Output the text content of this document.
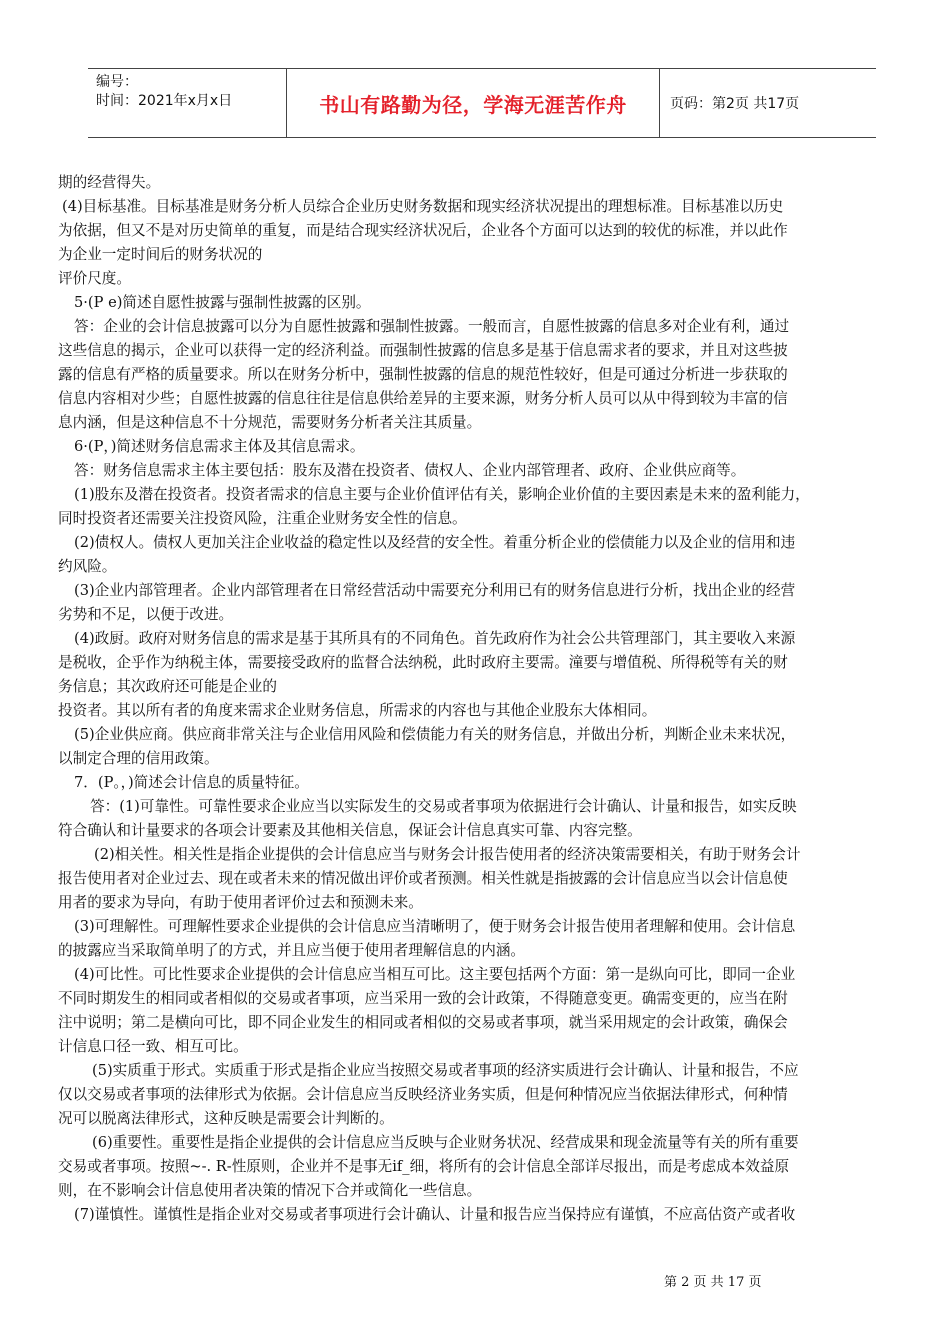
编号：
时间：2021年x月x日	书山有路勤为径，学海无涯苦作舟	页码：第2页 共17页
期的经营得失。
(4)目标基准。目标基准是财务分析人员综合企业历史财务数据和现实经济状况提出的理想标准。目标基准以历史
为依据，但又不是对历史简单的重复，而是结合现实经济状况后，企业各个方面可以达到的较优的标准，并以此作
为企业一定时间后的财务状况的
评价尺度。
5·(P e)简述自愿性披露与强制性披露的区别。
答：企业的会计信息披露可以分为自愿性披露和强制性披露。一般而言，自愿性披露的信息多对企业有利，通过
这些信息的揭示，企业可以获得一定的经济利益。而强制性披露的信息多是基于信息需求者的要求，并且对这些披
露的信息有严格的质量要求。所以在财务分析中，强制性披露的信息的规范性较好，但是可通过分析进一步获取的
信息内容相对少些；自愿性披露的信息往往是信息供给差异的主要来源，财务分析人员可以从中得到较为丰富的信
息内涵，但是这种信息不十分规范，需要财务分析者关注其质量。
6·(P，)简述财务信息需求主体及其信息需求。
答：财务信息需求主体主要包括：股东及潜在投资者、债权人、企业内部管理者、政府、企业供应商等。
(1)股东及潜在投资者。投资者需求的信息主要与企业价值评估有关，影响企业价值的主要因素是未来的盈利能力，
同时投资者还需要关注投资风险，注重企业财务安全性的信息。
(2)债权人。债权人更加关注企业收益的稳定性以及经营的安全性。着重分析企业的偿债能力以及企业的信用和违
约风险。
(3)企业内部管理者。企业内部管理者在日常经营活动中需要充分利用已有的财务信息进行分析，找出企业的经营
劣势和不足，以便于改进。
(4)政厨。政府对财务信息的需求是基于其所具有的不同角色。首先政府作为社会公共管理部门，其主要收入来源
是税收，企乎作为纳税主体，需要接受政府的监督合法纳税，此时政府主要需。潼要与增值税、所得税等有关的财
务信息；其次政府还可能是企业的
投资者。其以所有者的角度来需求企业财务信息，所需求的内容也与其他企业股东大体相同。
(5)企业供应商。供应商非常关注与企业信用风险和偿债能力有关的财务信息，并做出分析，判断企业未来状况，
以制定合理的信用政策。
7．(P。，)简述会计信息的质量特征。
答：(1)可靠性。可靠性要求企业应当以实际发生的交易或者事项为依据进行会计确认、计量和报告，如实反映
符合确认和计量要求的各项会计要素及其他相关信息，保证会计信息真实可靠、内容完整。
(2)相关性。相关性是指企业提供的会计信息应当与财务会计报告使用者的经济决策需要相关，有助于财务会计
报告使用者对企业过去、现在或者未来的情况做出评价或者预测。相关性就是指披露的会计信息应当以会计信息使
用者的要求为导向，有助于使用者评价过去和预测未来。
(3)可理解性。可理解性要求企业提供的会计信息应当清晰明了，便于财务会计报告使用者理解和使用。会计信息
的披露应当采取简单明了的方式，并且应当便于使用者理解信息的内涵。
(4)可比性。可比性要求企业提供的会计信息应当相互可比。这主要包括两个方面：第一是纵向可比，即同一企业
不同时期发生的相同或者相似的交易或者事项，应当采用一致的会计政策，不得随意变更。确需变更的，应当在附
注中说明；第二是横向可比，即不同企业发生的相同或者相似的交易或者事项，就当采用规定的会计政策，确保会
计信息口径一致、相互可比。
(5)实质重于形式。实质重于形式是指企业应当按照交易或者事项的经济实质进行会计确认、计量和报告，不应
仅以交易或者事项的法律形式为依据。会计信息应当反映经济业务实质，但是何种情况应当依据法律形式，何种情
况可以脱离法律形式，这种反映是需要会计判断的。
(6)重要性。重要性是指企业提供的会计信息应当反映与企业财务状况、经营成果和现金流量等有关的所有重要
交易或者事项。按照~-. R-性原则，企业并不是事无if_细，将所有的会计信息全部详尽报出，而是考虑成本效益原
则，在不影响会计信息使用者决策的情况下合并或简化一些信息。
(7)谨慎性。谨慎性是指企业对交易或者事项进行会计确认、计量和报告应当保持应有谨慎，不应高估资产或者收
第 2 页 共 17 页
